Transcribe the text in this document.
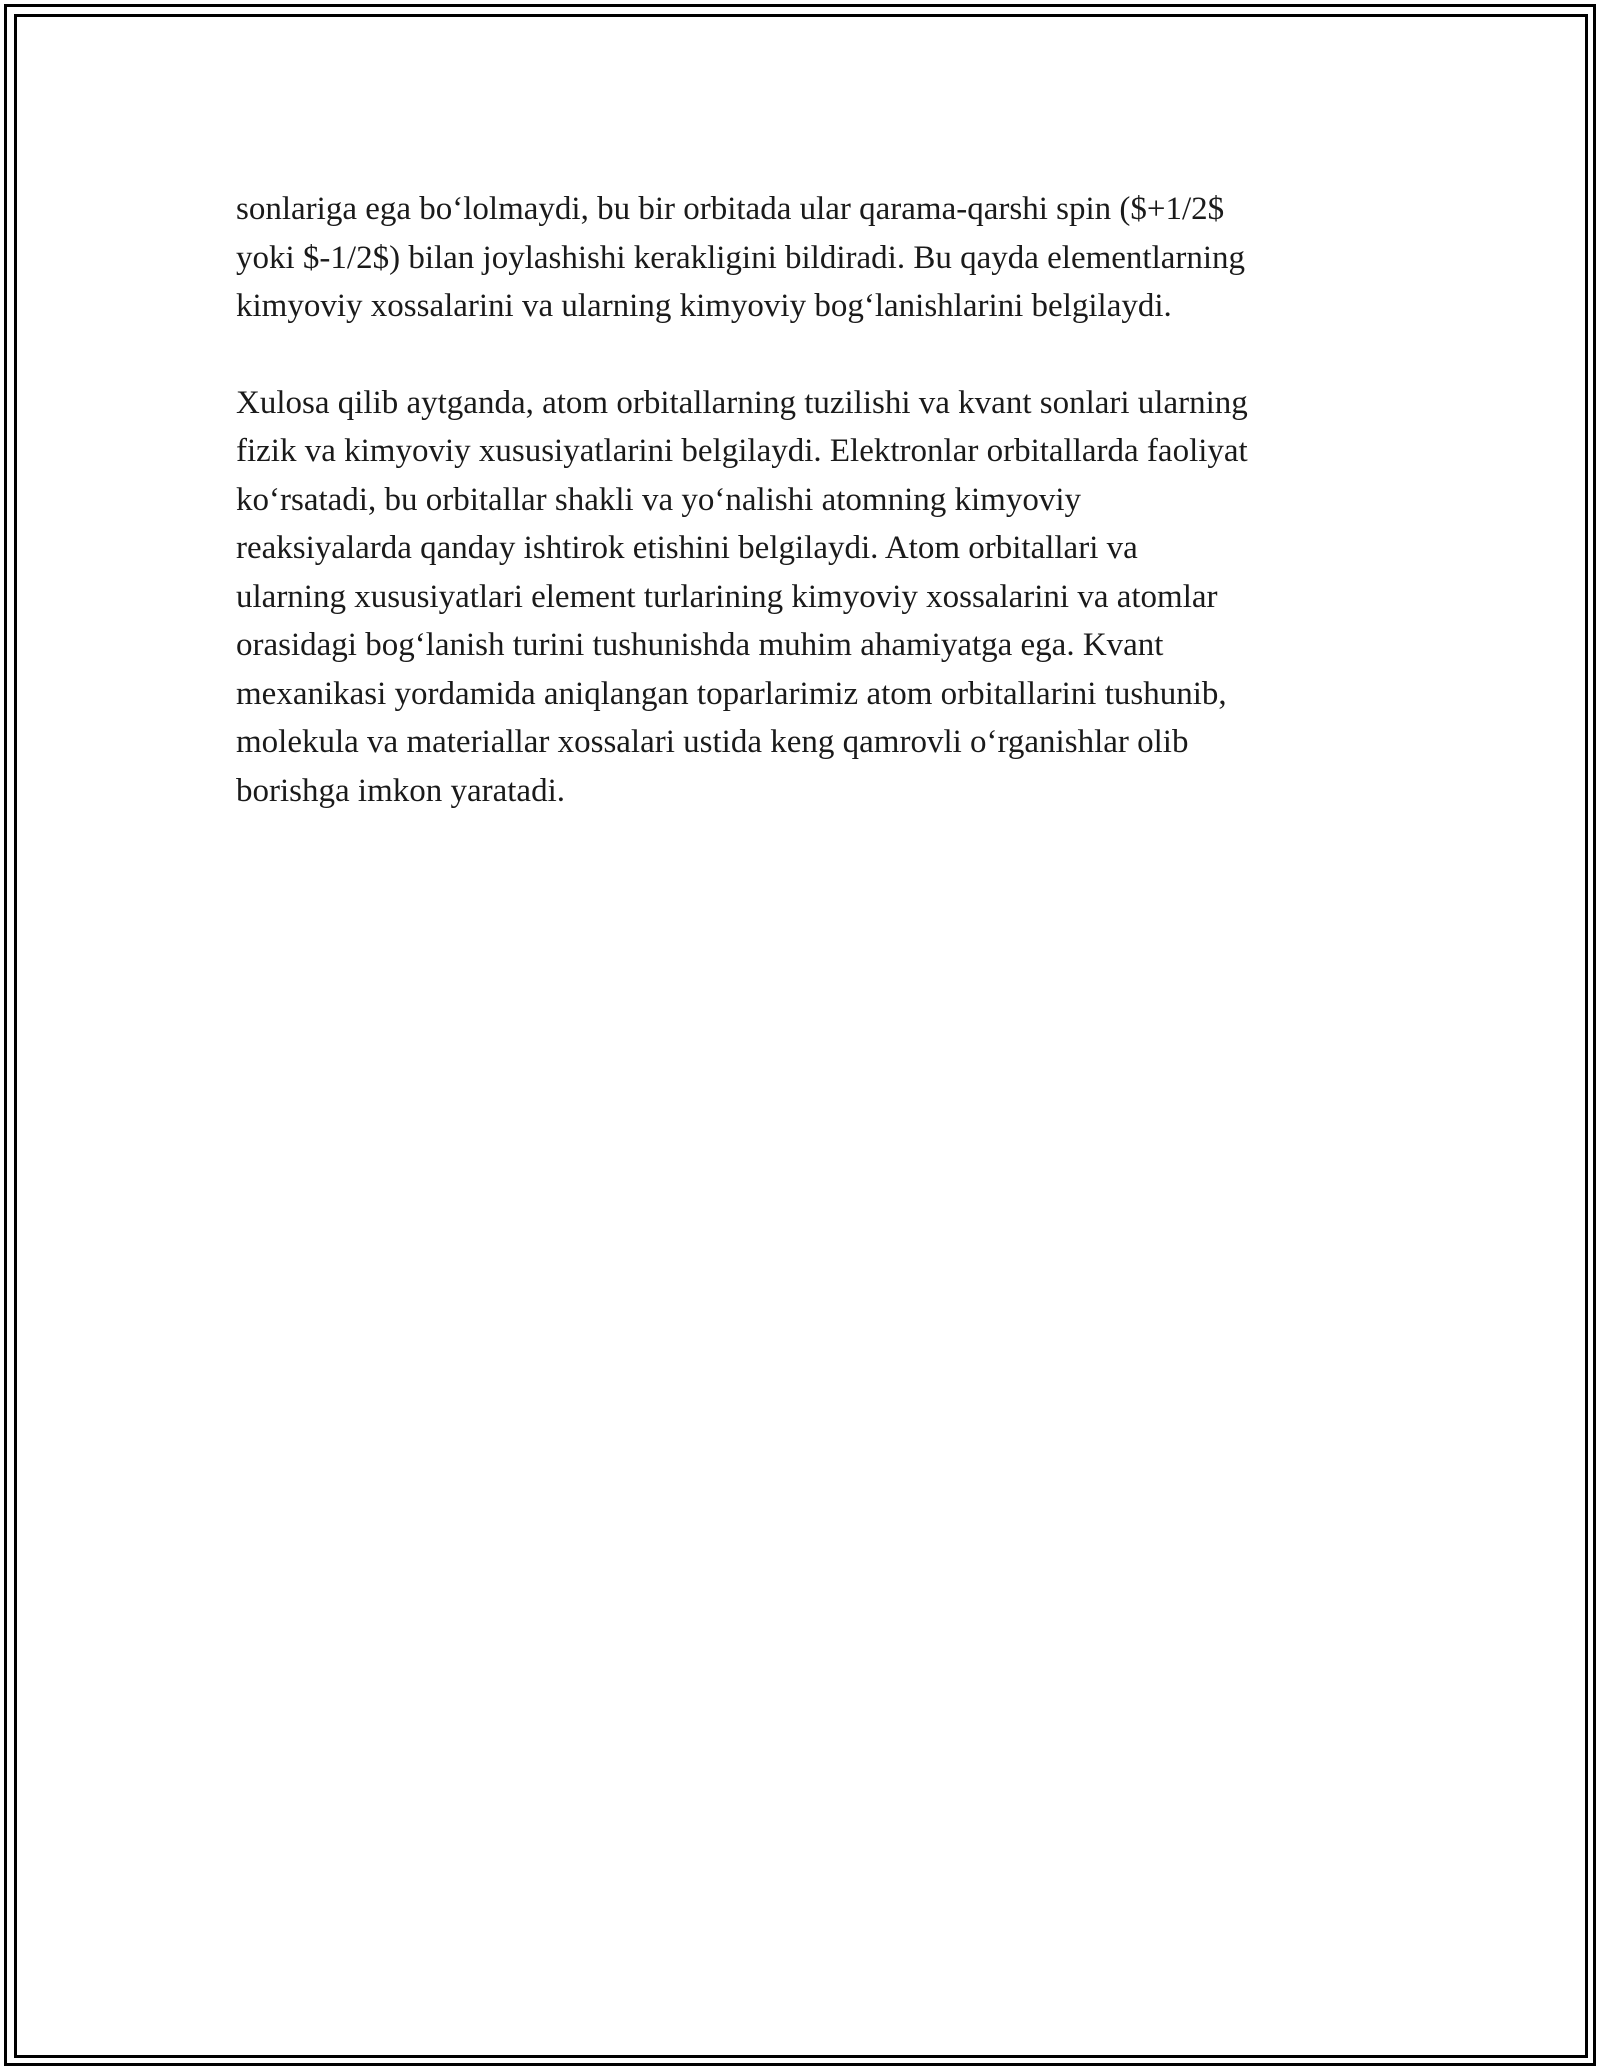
sonlariga ega bo‘lolmaydi, bu bir orbitada ular qarama-qarshi spin ($+1/2$
yoki $-1/2$) bilan joylashishi kerakligini bildiradi. Bu qayda elementlarning
kimyoviy xossalarini va ularning kimyoviy bog‘lanishlarini belgilaydi.

Xulosa qilib aytganda, atom orbitallarning tuzilishi va kvant sonlari ularning
fizik va kimyoviy xususiyatlarini belgilaydi. Elektronlar orbitallarda faoliyat
ko‘rsatadi, bu orbitallar shakli va yo‘nalishi atomning kimyoviy
reaksiyalarda qanday ishtirok etishini belgilaydi. Atom orbitallari va
ularning xususiyatlari element turlarining kimyoviy xossalarini va atomlar
orasidagi bog‘lanish turini tushunishda muhim ahamiyatga ega. Kvant
mexanikasi yordamida aniqlangan toparlarimiz atom orbitallarini tushunib,
molekula va materiallar xossalari ustida keng qamrovli o‘rganishlar olib
borishga imkon yaratadi.
